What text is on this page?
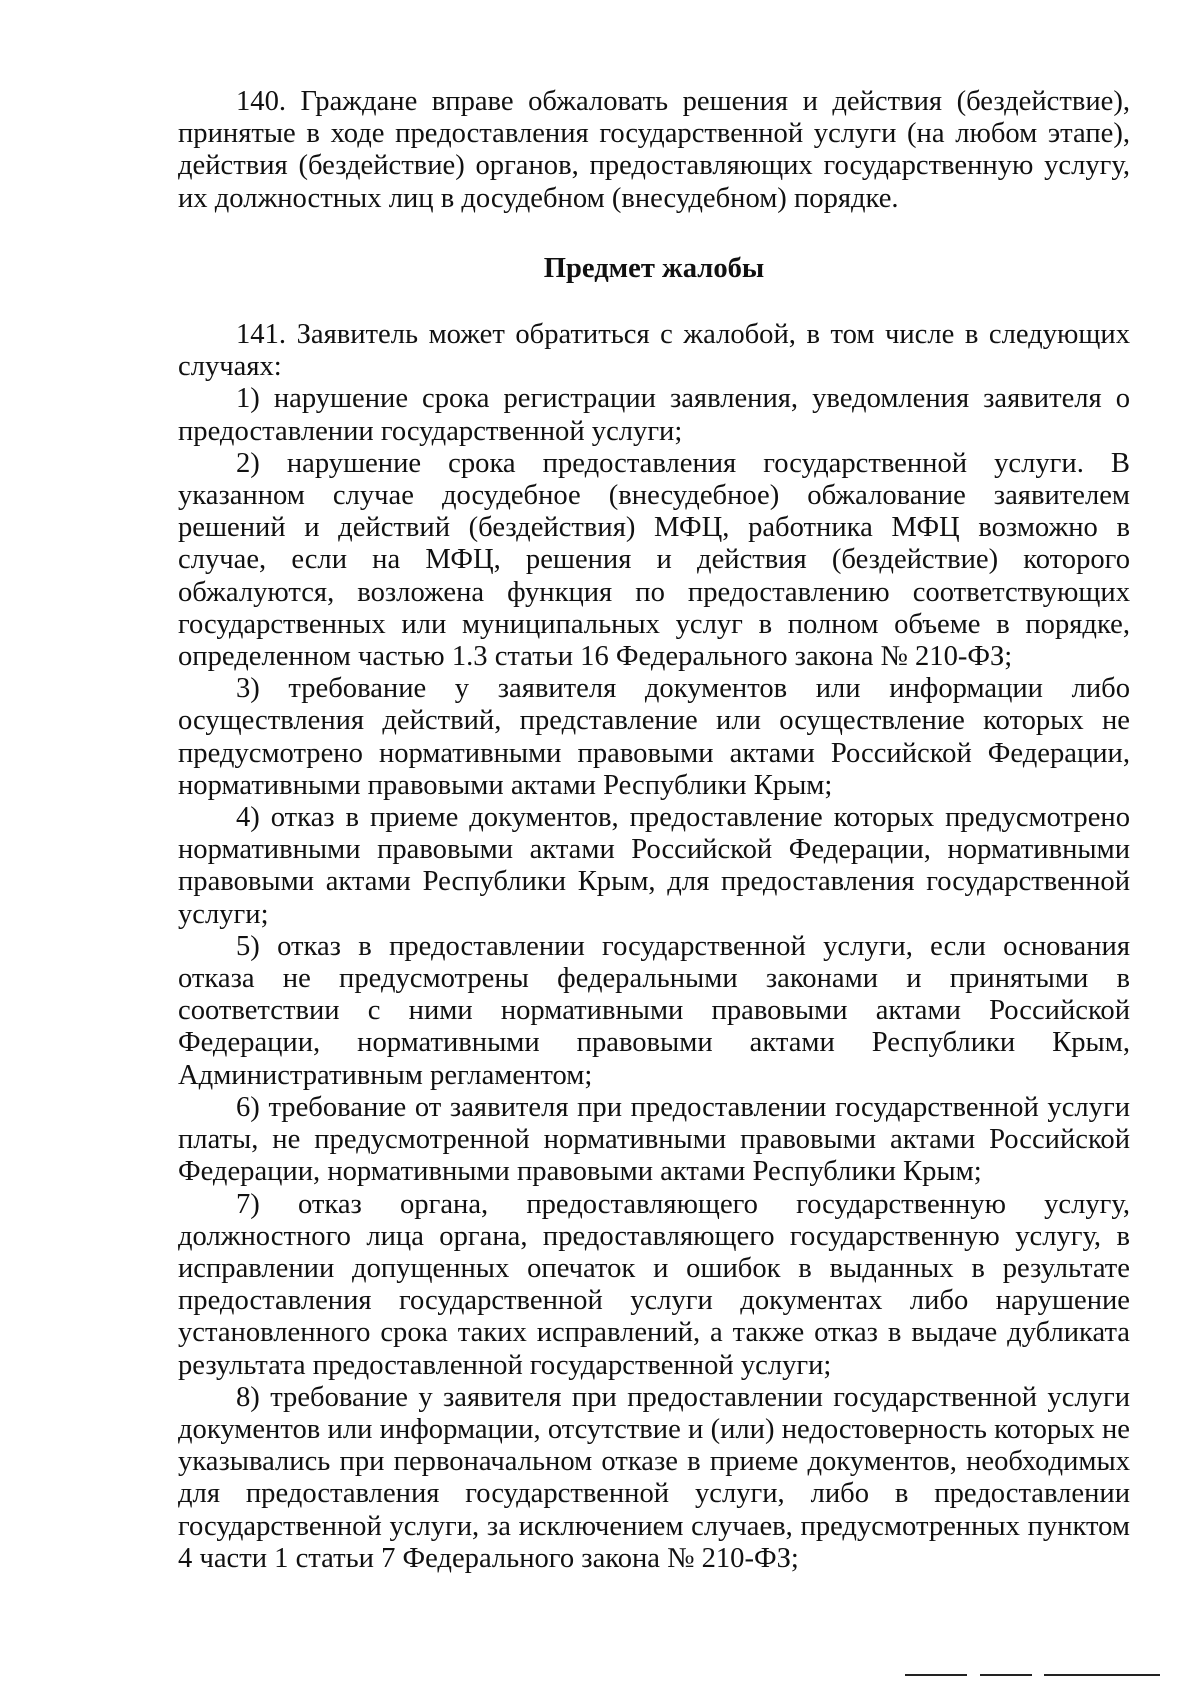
140. Граждане вправе обжаловать решения и действия (бездействие), принятые в ходе предоставления государственной услуги (на любом этапе), действия (бездействие) органов, предоставляющих государственную услугу, их должностных лиц в досудебном (внесудебном) порядке.

Предмет жалобы

141. Заявитель может обратиться с жалобой, в том числе в следующих случаях:

1) нарушение срока регистрации заявления, уведомления заявителя о предоставлении государственной услуги;

2) нарушение срока предоставления государственной услуги. В указанном случае досудебное (внесудебное) обжалование заявителем решений и действий (бездействия) МФЦ, работника МФЦ возможно в случае, если на МФЦ, решения и действия (бездействие) которого обжалуются, возложена функция по предоставлению соответствующих государственных или муниципальных услуг в полном объеме в порядке, определенном частью 1.3 статьи 16 Федерального закона № 210-ФЗ;

3) требование у заявителя документов или информации либо осуществления действий, представление или осуществление которых не предусмотрено нормативными правовыми актами Российской Федерации, нормативными правовыми актами Республики Крым;

4) отказ в приеме документов, предоставление которых предусмотрено нормативными правовыми актами Российской Федерации, нормативными правовыми актами Республики Крым, для предоставления государственной услуги;

5) отказ в предоставлении государственной услуги, если основания отказа не предусмотрены федеральными законами и принятыми в соответствии с ними нормативными правовыми актами Российской Федерации, нормативными правовыми актами Республики Крым, Административным регламентом;

6) требование от заявителя при предоставлении государственной услуги платы, не предусмотренной нормативными правовыми актами Российской Федерации, нормативными правовыми актами Республики Крым;

7) отказ органа, предоставляющего государственную услугу, должностного лица органа, предоставляющего государственную услугу, в исправлении допущенных опечаток и ошибок в выданных в результате предоставления государственной услуги документах либо нарушение установленного срока таких исправлений, а также отказ в выдаче дубликата результата предоставленной государственной услуги;

8) требование у заявителя при предоставлении государственной услуги документов или информации, отсутствие и (или) недостоверность которых не указывались при первоначальном отказе в приеме документов, необходимых для предоставления государственной услуги, либо в предоставлении государственной услуги, за исключением случаев, предусмотренных пунктом 4 части 1 статьи 7 Федерального закона № 210-ФЗ;
